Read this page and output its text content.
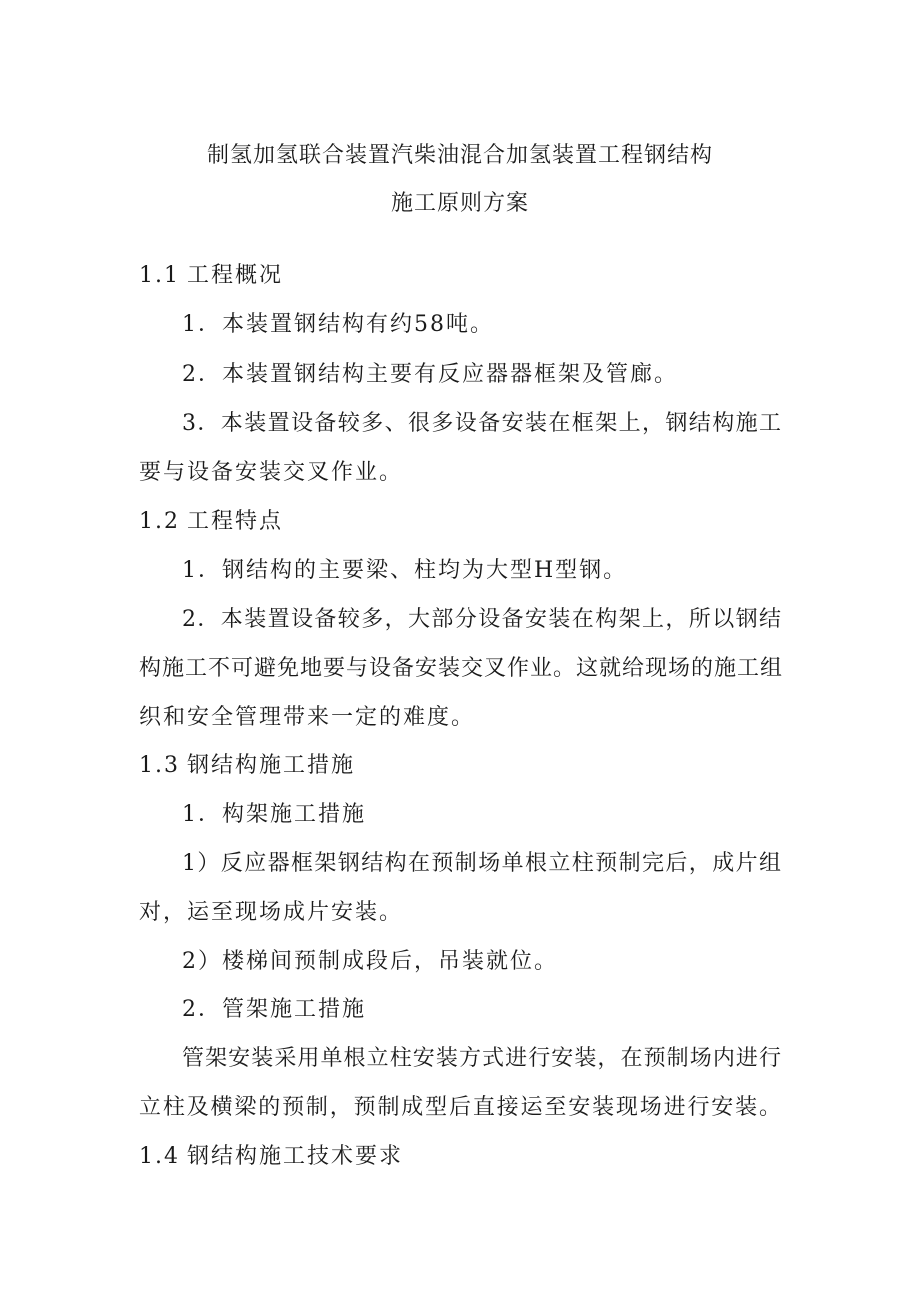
制氢加氢联合装置汽柴油混合加氢装置工程钢结构
施工原则方案
1.1 工程概况
1．本装置钢结构有约58吨。
2．本装置钢结构主要有反应器器框架及管廊。
3．本装置设备较多、很多设备安装在框架上，钢结构施工
要与设备安装交叉作业。
1.2 工程特点
1．钢结构的主要梁、柱均为大型H型钢。
2．本装置设备较多，大部分设备安装在构架上，所以钢结
构施工不可避免地要与设备安装交叉作业。这就给现场的施工组
织和安全管理带来一定的难度。
1.3 钢结构施工措施
1．构架施工措施
1）反应器框架钢结构在预制场单根立柱预制完后，成片组
对，运至现场成片安装。
2）楼梯间预制成段后，吊装就位。
2．管架施工措施
管架安装采用单根立柱安装方式进行安装，在预制场内进行
立柱及横梁的预制，预制成型后直接运至安装现场进行安装。
1.4 钢结构施工技术要求
